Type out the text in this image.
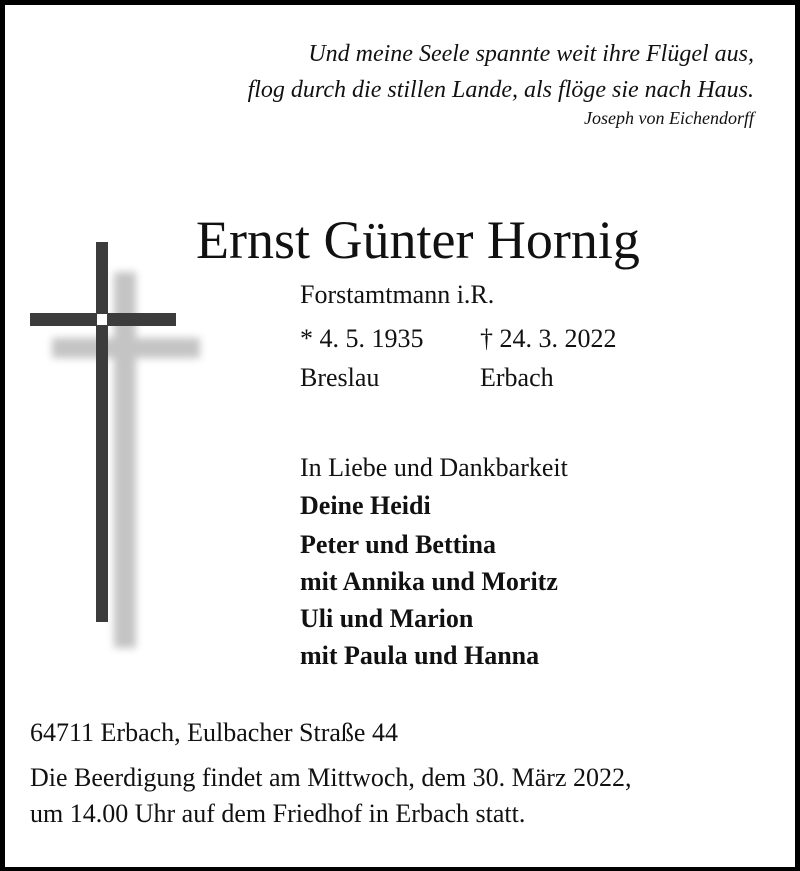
Und meine Seele spannte weit ihre Flügel aus,
flog durch die stillen Lande, als flöge sie nach Haus.
Joseph von Eichendorff
Ernst Günter Hornig
Forstamtmann i.R.
* 4. 5. 1935 † 24. 3. 2022
Breslau	Erbach
In Liebe und Dankbarkeit
Deine Heidi
Peter und Bettina
mit Annika und Moritz
Uli und Marion
mit Paula und Hanna
64711 Erbach, Eulbacher Straße 44
Die Beerdigung findet am Mittwoch, dem 30. März 2022,
um 14.00 Uhr auf dem Friedhof in Erbach statt.
